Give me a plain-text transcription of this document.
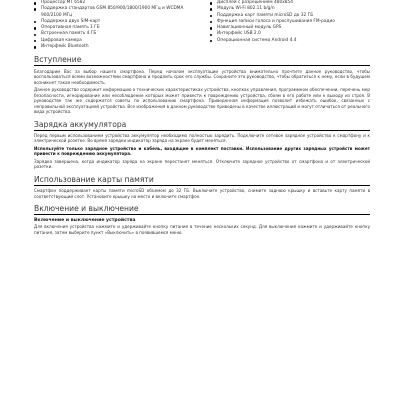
Процессор MT 6582
Поддержка стандартов GSM 850/900/1800/1900 МГц и WCDMA 900/2100 МГц
Поддержка двух SIM-карт
Оперативная память 1 ГБ
Встроенная память 4 ГБ
Цифровая камера
Интерфейс Bluetooth
Дисплей с разрешением 480х854
Модуль Wi-Fi 802.11 b/g/n
Поддержка карт памяти microSD до 32 ГБ
Функция записи голоса и прослушивания FM-радио
Навигационный модуль GPS
Интерфейс USB 2.0
Операционная система Android 4.4
Вступление

Благодарим Вас за выбор нашего смартфона. Перед началом эксплуатации устройства внимательно прочтите данное руководство, чтобы воспользоваться всеми возможностями смартфона и продлить срок его службы. Сохраните это руководство, чтобы обратиться к нему, если в будущем возникнет такая необходимость.

Данное руководство содержит информацию о технических характеристиках устройства, кнопках управления, программном обеспечении, перечень мер безопасности, игнорирование или несоблюдение которых может привести к повреждению устройства, сбоям в его работе или к выходу из строя. В руководстве так же содержатся советы по использованию смартфона. Приведенная информация позволит избежать ошибок, связанных с неправильной эксплуатацией устройства. Все изображения в данном руководстве приведены в качестве иллюстраций и могут отличаться от реального вида устройства.

Зарядка аккумулятора

Перед первым использованием устройства аккумулятор необходимо полностью зарядить. Подключите сетевое зарядное устройство к смартфону и к электрической розетке. Во время зарядки индикатор заряда на экране будет меняться.

Используйте только зарядное устройство и кабель, входящие в комплект поставки. Использование других зарядных устройств может привести к повреждению аккумулятора.

Зарядка завершена, когда индикатор заряда на экране перестанет меняться. Отключите зарядное устройство от смартфона и от электрической розетки.

Использование карты памяти

Смартфон поддерживает карты памяти microSD объемом до 32 ГБ. Выключите устройство, снимите заднюю крышку и вставьте карту памяти в соответствующий слот. Установите крышку на место и включите смартфон.

Включение и выключение
Включение и выключение устройства

Для включения устройства нажмите и удерживайте кнопку питания в течение нескольких секунд. Для выключения нажмите и удерживайте кнопку питания, затем выберите пункт «Выключить» в появившемся меню.
